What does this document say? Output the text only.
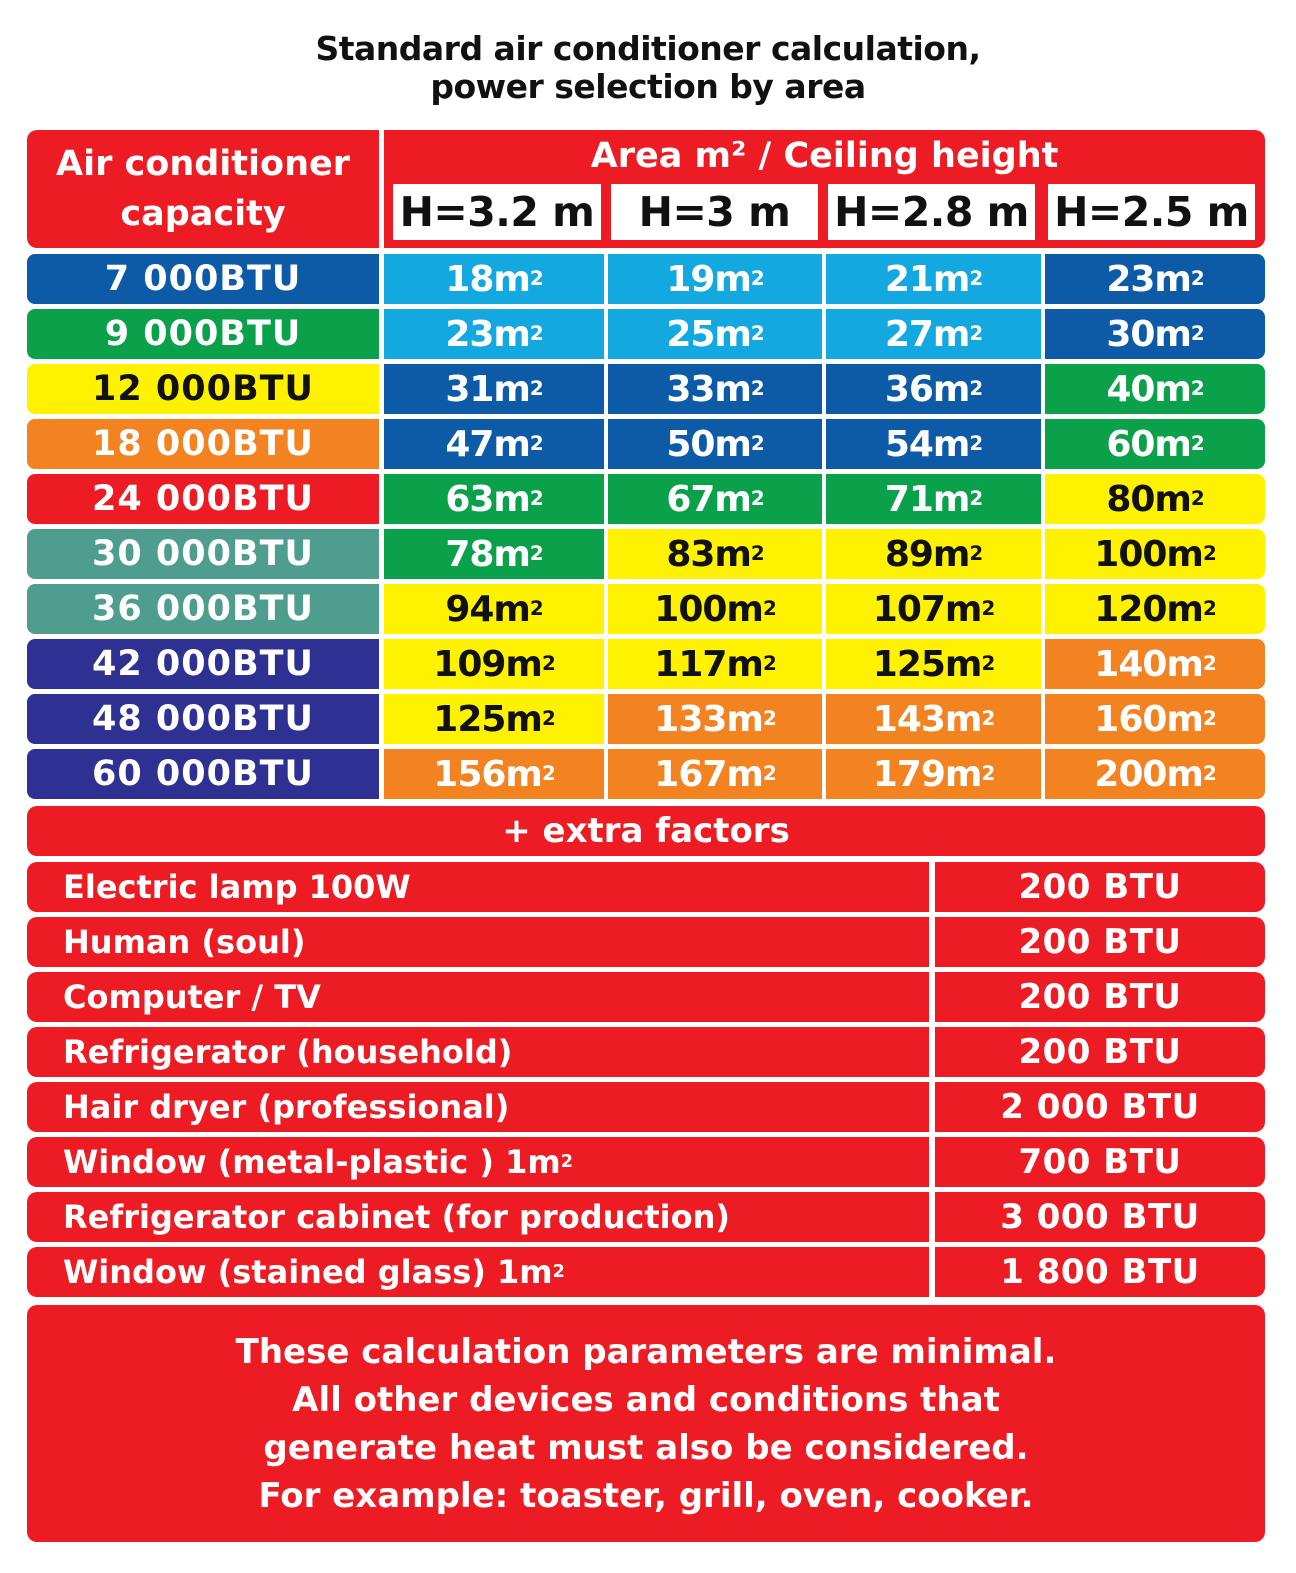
Standard air conditioner calculation,
power selection by area
Air conditioner
capacity
Area m² / Ceiling height
H=3.2 m	H=3 m	H=2.8 m H=2.5 m
7 000BTU	18m 2	19m 2	21m 2	23m 2
9 000BTU	23m 2	25m 2	27m 2	30m 2
12 000BTU	31m 2	33m 2	36m 2	40m 2
18 000BTU	47m 2	50m 2	54m 2	60m 2
24 000BTU	63m 2	67m 2	71m 2	80m 2
30 000BTU	78m 2	83m 2	89m 2	100m 2
36 000BTU	94m 2	100m 2	107m 2	120m 2
42 000BTU	109m 2	117m 2	125m 2	140m 2
48 000BTU	125m 2	133m 2	143m 2	160m 2
60 000BTU	156m 2	167m 2	179m 2	200m 2
+ extra factors
Electric lamp 100W	200 BTU
Human (soul)	200 BTU
Computer / TV	200 BTU
Refrigerator (household)	200 BTU
Hair dryer (professional)	2 000 BTU
Window (metal-plastic ) 1m 2	700 BTU
Refrigerator cabinet (for production)	3 000 BTU
Window (stained glass) 1m 2	1 800 BTU
These calculation parameters are minimal.
All other devices and conditions that
generate heat must also be considered.
For example: toaster, grill, oven, cooker.
